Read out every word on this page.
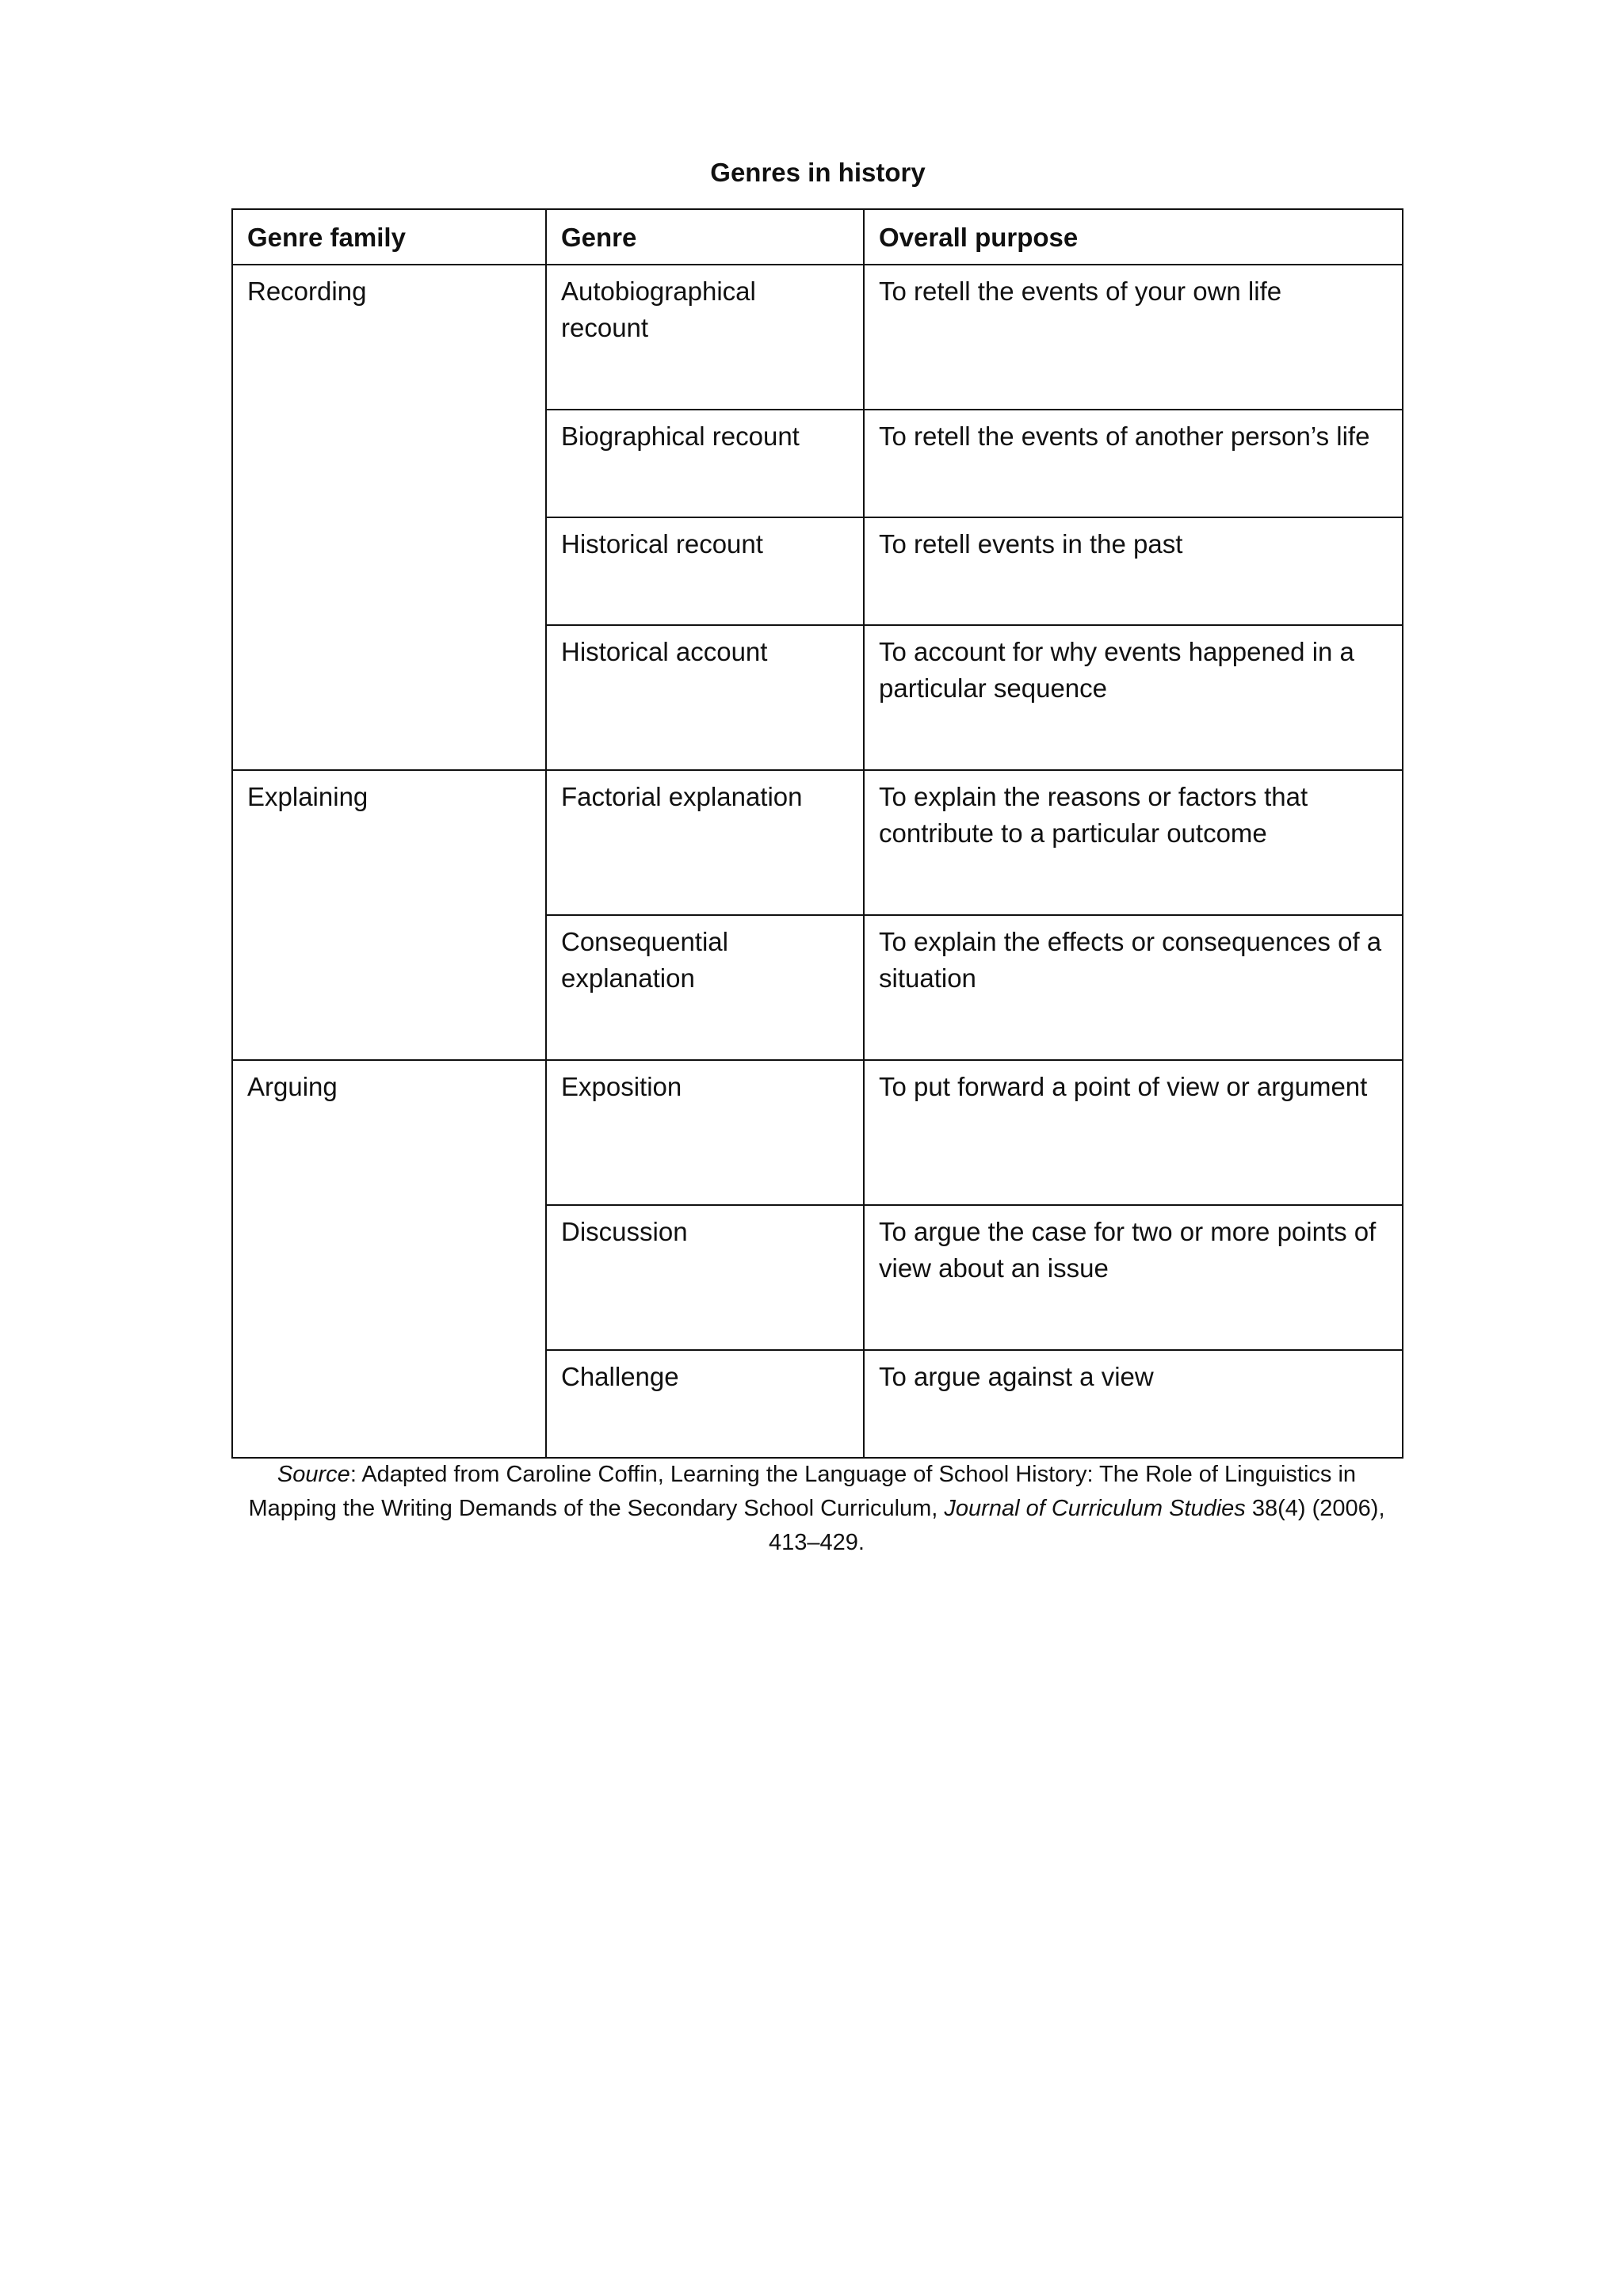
Genres in history
Genre family	Genre	Overall purpose
Recording	Autobiographical recount	To retell the events of your own life
	Biographical recount	To retell the events of another person’s life
	Historical recount	To retell events in the past
	Historical account	To account for why events happened in a particular sequence
Explaining	Factorial explanation	To explain the reasons or factors that contribute to a particular outcome
	Consequential explanation	To explain the effects or consequences of a situation
Arguing	Exposition	To put forward a point of view or argument
	Discussion	To argue the case for two or more points of view about an issue
	Challenge	To argue against a view
Source: Adapted from Caroline Coffin, Learning the Language of School History: The Role of Linguistics in Mapping the Writing Demands of the Secondary School Curriculum, Journal of Curriculum Studies 38(4) (2006), 413–429.
